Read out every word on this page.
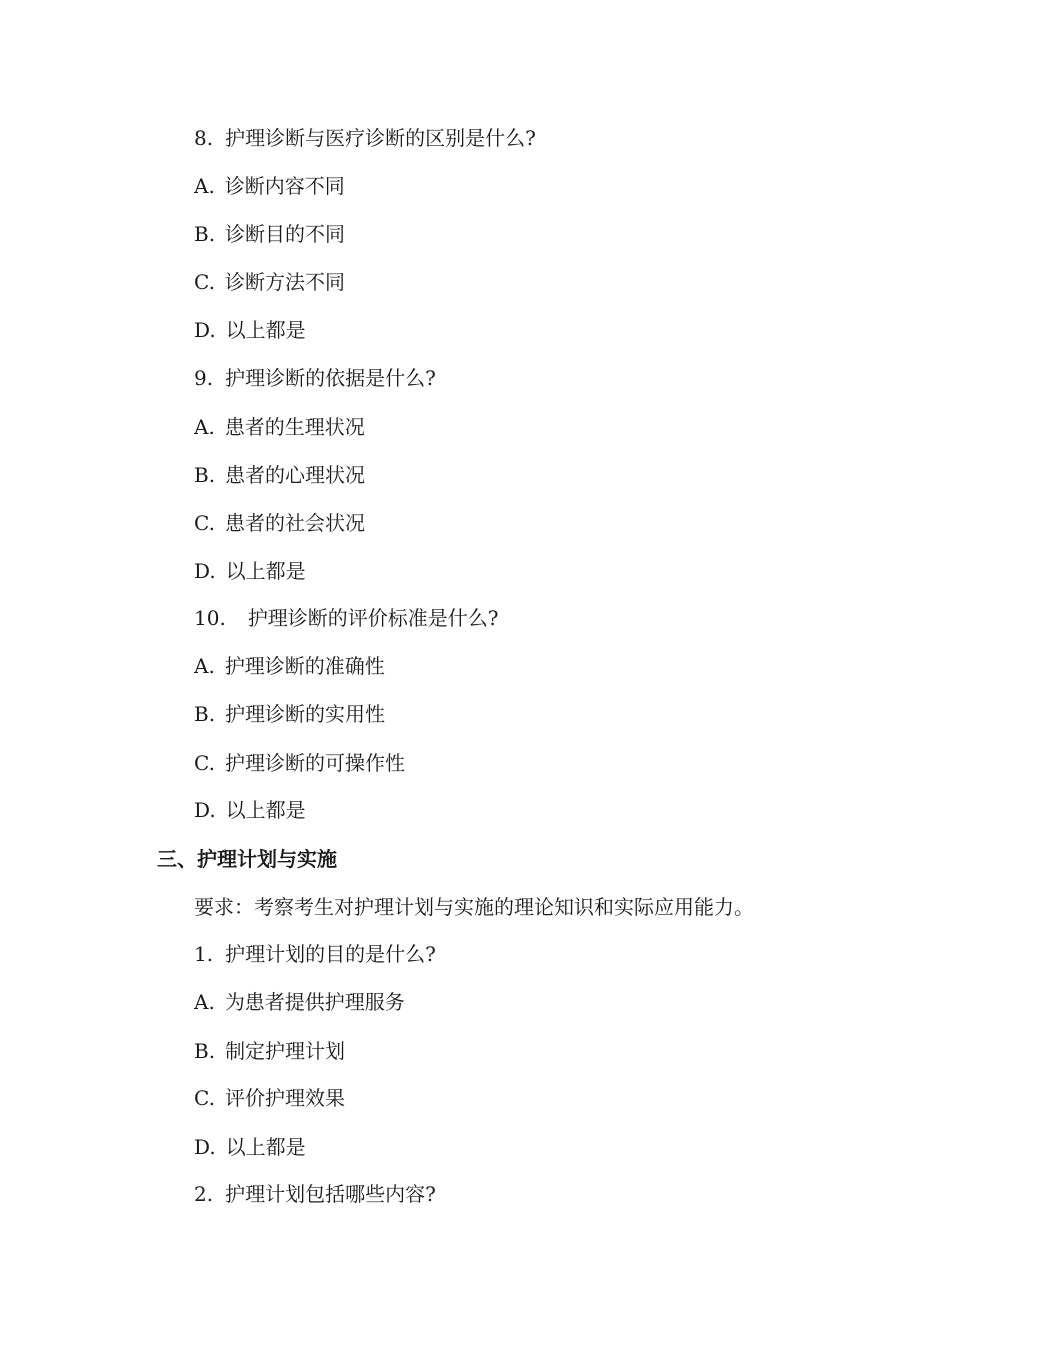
8. 护理诊断与医疗诊断的区别是什么?
A. 诊断内容不同
B. 诊断目的不同
C. 诊断方法不同
D. 以上都是
9. 护理诊断的依据是什么?
A. 患者的生理状况
B. 患者的心理状况
C. 患者的社会状况
D. 以上都是
10. 护理诊断的评价标准是什么?
A. 护理诊断的准确性
B. 护理诊断的实用性
C. 护理诊断的可操作性
D. 以上都是
三、护理计划与实施
要求：考察考生对护理计划与实施的理论知识和实际应用能力。
1. 护理计划的目的是什么?
A. 为患者提供护理服务
B. 制定护理计划
C. 评价护理效果
D. 以上都是
2. 护理计划包括哪些内容?
